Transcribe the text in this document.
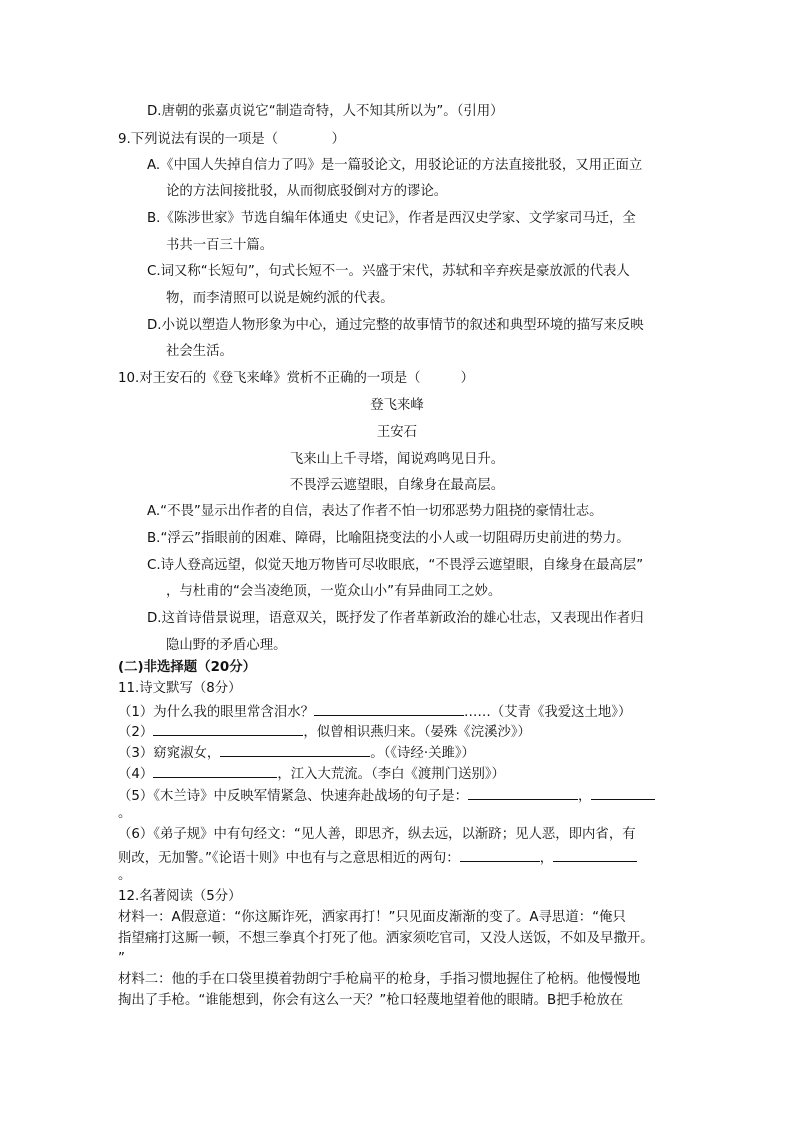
D.唐朝的张嘉贞说它“制造奇特，人不知其所以为”。（引用）
9.下列说法有误的一项是（　　　　）
A.《中国人失掉自信力了吗》是一篇驳论文，用驳论证的方法直接批驳，又用正面立
论的方法间接批驳，从而彻底驳倒对方的谬论。
B.《陈涉世家》节选自编年体通史《史记》，作者是西汉史学家、文学家司马迁，全
书共一百三十篇。
C.词又称“长短句”，句式长短不一。兴盛于宋代，苏轼和辛弃疾是豪放派的代表人
物，而李清照可以说是婉约派的代表。
D.小说以塑造人物形象为中心，通过完整的故事情节的叙述和典型环境的描写来反映
社会生活。
10.对王安石的《登飞来峰》赏析不正确的一项是（　　　）
登飞来峰
王安石
飞来山上千寻塔，闻说鸡鸣见日升。
不畏浮云遮望眼，自缘身在最高层。
A.“不畏”显示出作者的自信，表达了作者不怕一切邪恶势力阻挠的豪情壮志。
B.“浮云”指眼前的困难、障碍，比喻阻挠变法的小人或一切阻碍历史前进的势力。
C.诗人登高远望，似觉天地万物皆可尽收眼底，“不畏浮云遮望眼，自缘身在最高层”
，与杜甫的“会当凌绝顶，一览众山小”有异曲同工之妙。
D.这首诗借景说理，语意双关，既抒发了作者革新政治的雄心壮志，又表现出作者归
隐山野的矛盾心理。
(二)非选择题（20分）
11.诗文默写（8分）
（1）为什么我的眼里常含泪水？	……（艾青《我爱这土地》）
（2）	，似曾相识燕归来。（晏殊《浣溪沙》）
（3）窈窕淑女，	。（《诗经·关雎》）
（4）	，江入大荒流。（李白《渡荆门送别》）
（5）《木兰诗》中反映军情紧急、快速奔赴战场的句子是：	，
。
（6）《弟子规》中有句经文：“见人善，即思齐，纵去远，以渐跻；见人恶，即内省，有
则改，无加警。”《论语十则》中也有与之意思相近的两句：	，
。
12.名著阅读（5分）
材料一：A假意道：“你这厮诈死，洒家再打！”只见面皮渐渐的变了。A寻思道：“俺只
指望痛打这厮一顿，不想三拳真个打死了他。洒家须吃官司，又没人送饭，不如及早撒开。
”
材料二：他的手在口袋里摸着勃朗宁手枪扁平的枪身，手指习惯地握住了枪柄。他慢慢地
掏出了手枪。“谁能想到，你会有这么一天？”枪口轻蔑地望着他的眼睛。B把手枪放在
